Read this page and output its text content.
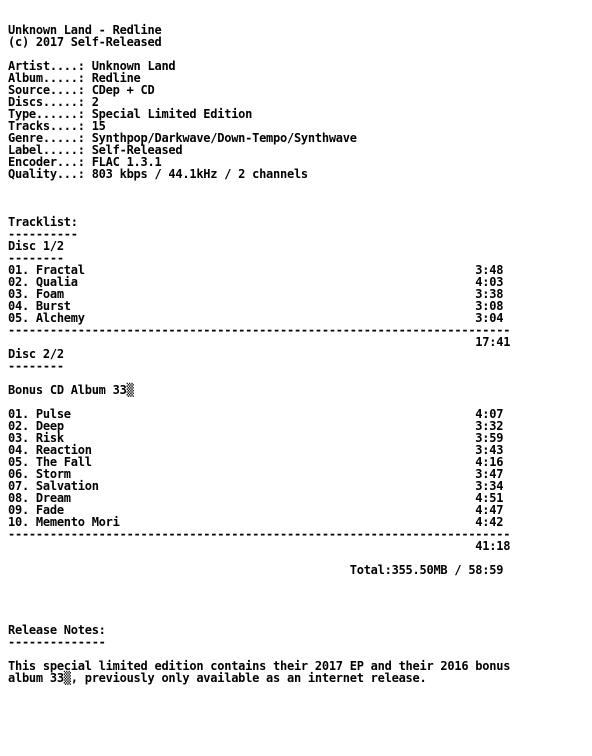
Unknown Land - Redline
(c) 2017 Self-Released
Artist....: Unknown Land
Album.....: Redline
Source....: CDep + CD
Discs.....: 2
Type......: Special Limited Edition
Tracks....: 15
Genre.....: Synthpop/Darkwave/Down-Tempo/Synthwave
Label.....: Self-Released
Encoder...: FLAC 1.3.1
Quality...: 803 kbps / 44.1kHz / 2 channels
Tracklist:
----------
Disc 1/2
--------
01. Fractal                                                        3:48
02. Qualia                                                         4:03
03. Foam                                                           3:38
04. Burst                                                          3:08
05. Alchemy                                                        3:04
------------------------------------------------------------------------
17:41
Disc 2/2
--------
Bonus CD Album 33▒
01. Pulse                                                          4:07
02. Deep                                                           3:32
03. Risk                                                           3:59
04. Reaction                                                       3:43
05. The Fall                                                       4:16
06. Storm                                                          3:47
07. Salvation                                                      3:34
08. Dream                                                          4:51
09. Fade                                                           4:47
10. Memento Mori                                                   4:42
------------------------------------------------------------------------
41:18
Total:355.50MB / 58:59
Release Notes:
--------------
This special limited edition contains their 2017 EP and their 2016 bonus
album 33▒, previously only available as an internet release.
